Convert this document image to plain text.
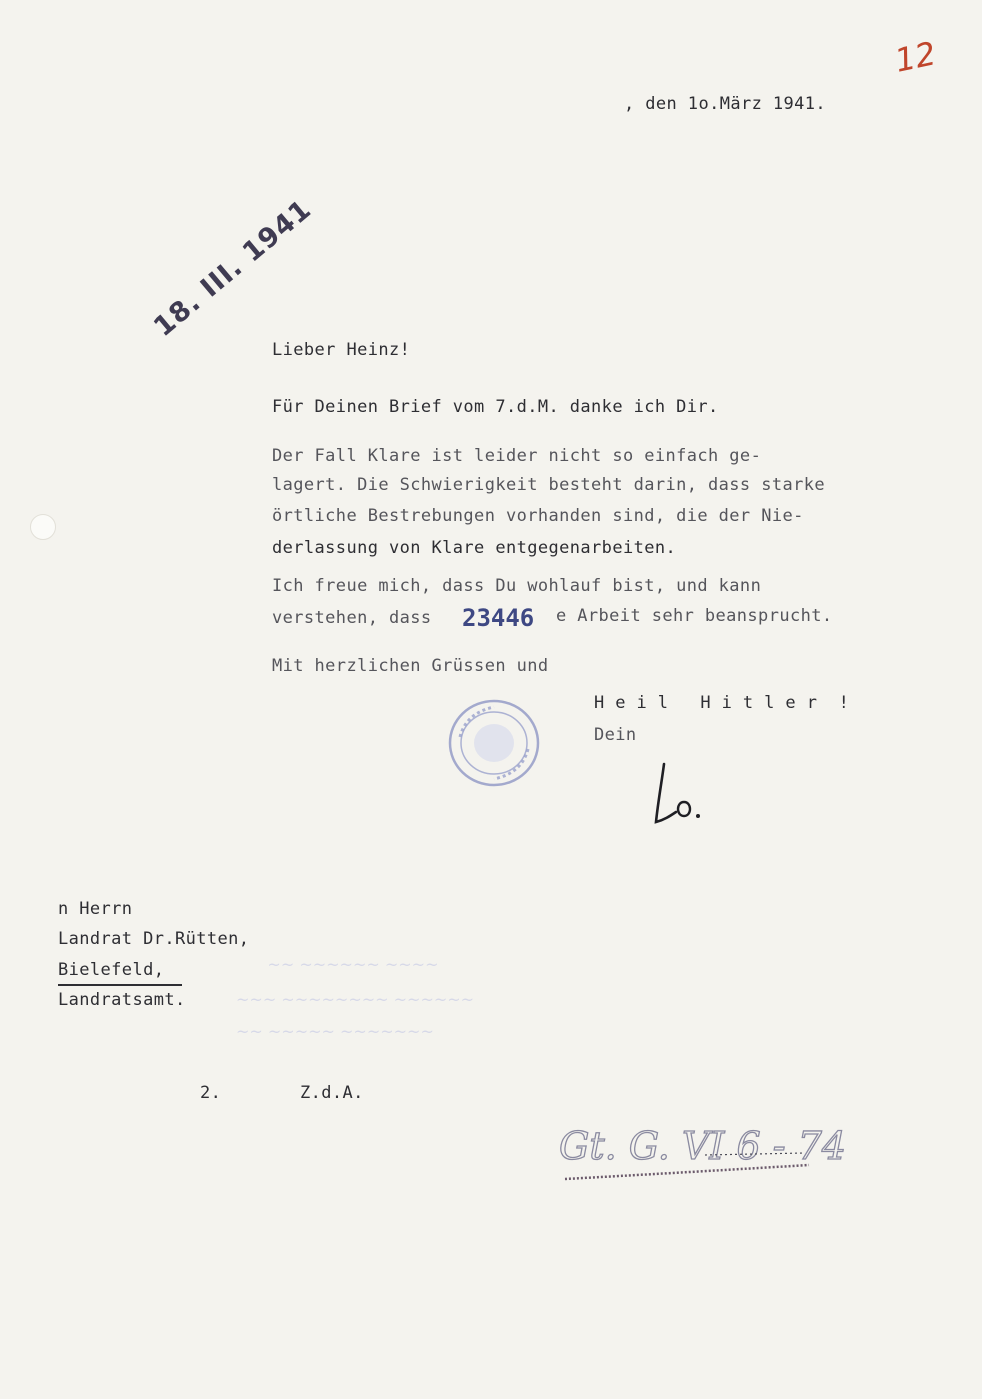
12
, den 1o.März 1941.
18. III. 1941
Lieber Heinz!
Für Deinen Brief vom 7.d.M. danke ich Dir.
Der Fall Klare ist leider nicht so einfach ge-
lagert. Die Schwierigkeit besteht darin, dass starke
örtliche Bestrebungen vorhanden sind, die der Nie-
derlassung von Klare entgegenarbeiten.
Ich freue mich, dass Du wohlauf bist, und kann
verstehen, dass	e Arbeit sehr beansprucht.
23446
Mit herzlichen Grüssen und
H e i l   H i t l e r  !
Dein
~~ ~~~~~~ ~~~~
~~~ ~~~~~~~~ ~~~~~~
~~ ~~~~~ ~~~~~~~
n Herrn
Landrat Dr.Rütten,
Bielefeld,
Landratsamt.
2.	Z.d.A.
Gt. G. VI 6 - 74
